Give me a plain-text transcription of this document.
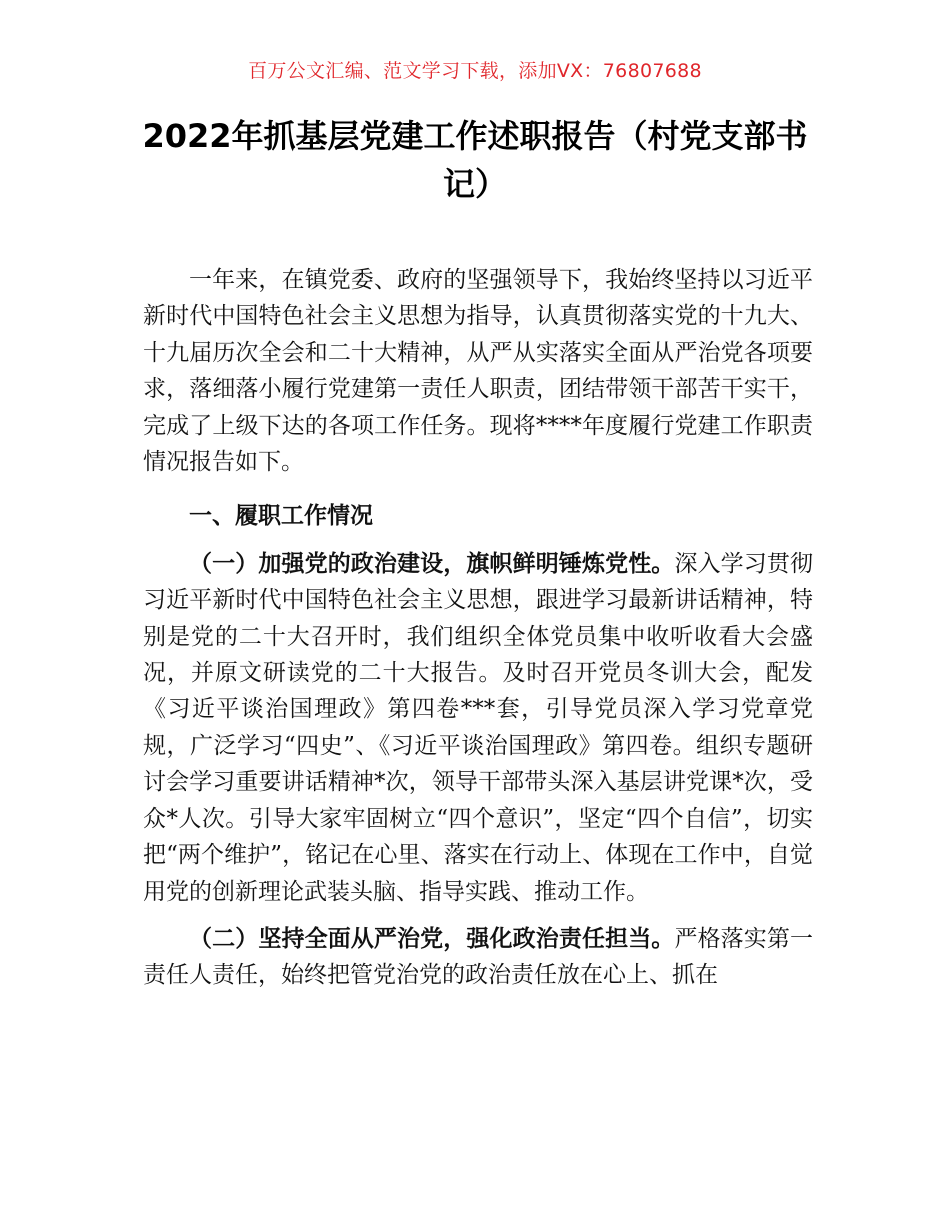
百万公文汇编、范文学习下载，添加VX：76807688
2022年抓基层党建工作述职报告（村党支部书记）

一年来，在镇党委、政府的坚强领导下，我始终坚持以习近平新时代中国特色社会主义思想为指导，认真贯彻落实党的十九大、十九届历次全会和二十大精神，从严从实落实全面从严治党各项要求，落细落小履行党建第一责任人职责，团结带领干部苦干实干，完成了上级下达的各项工作任务。现将****年度履行党建工作职责情况报告如下。

一、履职工作情况

（一）加强党的政治建设，旗帜鲜明锤炼党性。深入学习贯彻习近平新时代中国特色社会主义思想，跟进学习最新讲话精神，特别是党的二十大召开时，我们组织全体党员集中收听收看大会盛况，并原文研读党的二十大报告。及时召开党员冬训大会，配发《习近平谈治国理政》第四卷***套，引导党员深入学习党章党规，广泛学习“四史”、《习近平谈治国理政》第四卷。组织专题研讨会学习重要讲话精神*次，领导干部带头深入基层讲党课*次，受众*人次。引导大家牢固树立“四个意识”，坚定“四个自信”，切实把“两个维护”，铭记在心里、落实在行动上、体现在工作中，自觉用党的创新理论武装头脑、指导实践、推动工作。

（二）坚持全面从严治党，强化政治责任担当。严格落实第一责任人责任，始终把管党治党的政治责任放在心上、抓在
